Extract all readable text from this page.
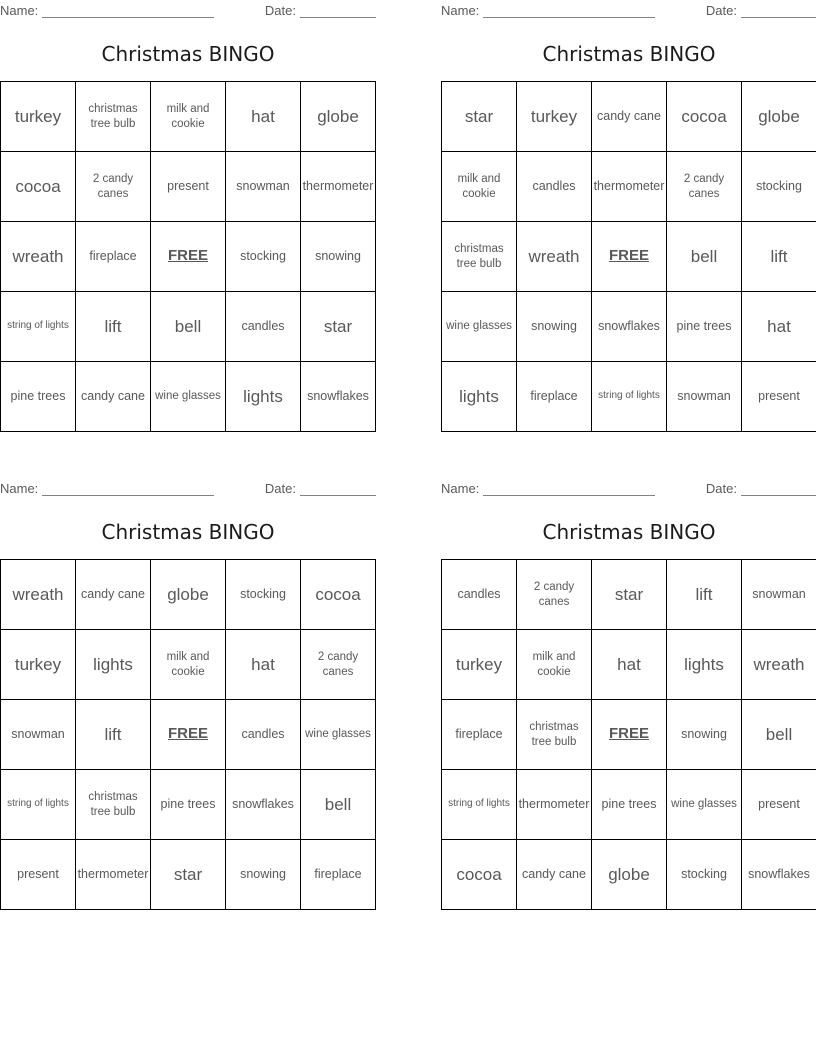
Name:	Date:
Christmas BINGO
turkey	christmas tree bulb	milk and cookie	hat	globe
cocoa	2 candy canes	present	snowman	thermometer
wreath	fireplace	FREE	stocking	snowing
string of lights	lift	bell	candles	star
pine trees	candy cane	wine glasses	lights	snowflakes
Name:	Date:
Christmas BINGO
star	turkey	candy cane	cocoa	globe
milk and cookie	candles	thermometer	2 candy canes	stocking
christmas tree bulb	wreath	FREE	bell	lift
wine glasses	snowing	snowflakes	pine trees	hat
lights	fireplace	string of lights	snowman	present
Name:	Date:
Christmas BINGO
wreath	candy cane	globe	stocking	cocoa
turkey	lights	milk and cookie	hat	2 candy canes
snowman	lift	FREE	candles	wine glasses
string of lights	christmas tree bulb	pine trees	snowflakes	bell
present	thermometer	star	snowing	fireplace
Name:	Date:
Christmas BINGO
candles	2 candy canes	star	lift	snowman
turkey	milk and cookie	hat	lights	wreath
fireplace	christmas tree bulb	FREE	snowing	bell
string of lights	thermometer	pine trees	wine glasses	present
cocoa	candy cane	globe	stocking	snowflakes
